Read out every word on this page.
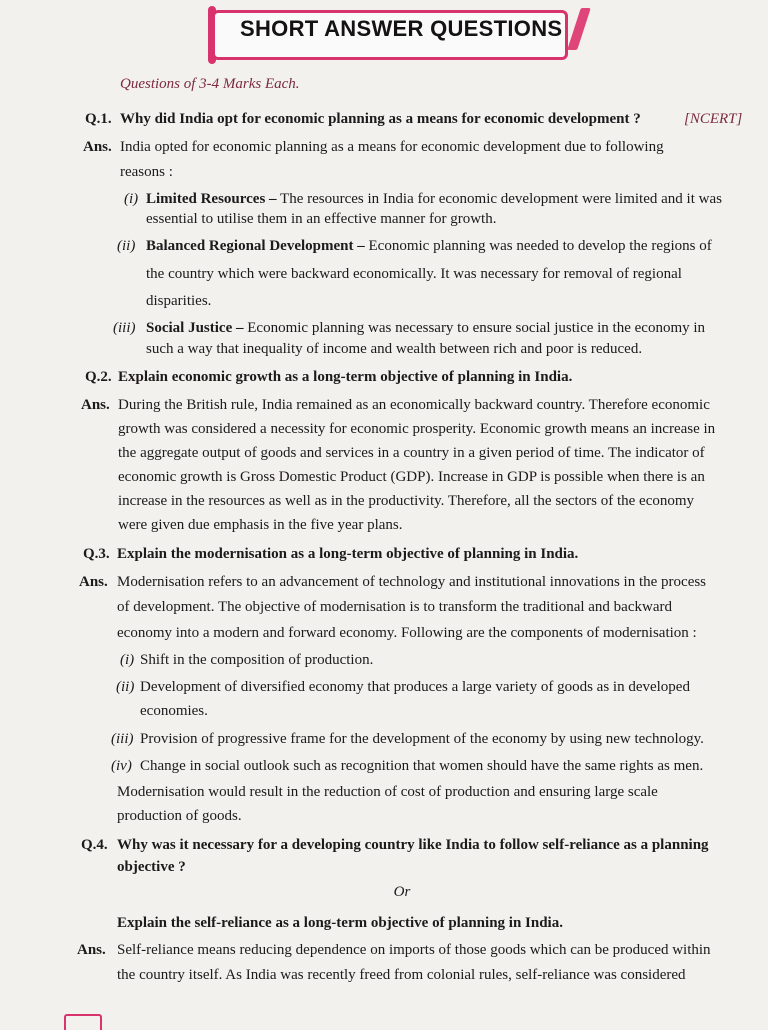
SHORT ANSWER QUESTIONS
Questions of 3-4 Marks Each.
Q.1. Why did India opt for economic planning as a means for economic development ?	[NCERT]
Ans. India opted for economic planning as a means for economic development due to following
reasons :
(i) Limited Resources – The resources in India for economic development were limited and it was
essential to utilise them in an effective manner for growth.
(ii) Balanced Regional Development – Economic planning was needed to develop the regions of
the country which were backward economically. It was necessary for removal of regional
disparities.
(iii) Social Justice – Economic planning was necessary to ensure social justice in the economy in
such a way that inequality of income and wealth between rich and poor is reduced.
Q.2. Explain economic growth as a long-term objective of planning in India.
Ans. During the British rule, India remained as an economically backward country. Therefore economic
growth was considered a necessity for economic prosperity. Economic growth means an increase in
the aggregate output of goods and services in a country in a given period of time. The indicator of
economic growth is Gross Domestic Product (GDP). Increase in GDP is possible when there is an
increase in the resources as well as in the productivity. Therefore, all the sectors of the economy
were given due emphasis in the five year plans.
Q.3. Explain the modernisation as a long-term objective of planning in India.
Ans. Modernisation refers to an advancement of technology and institutional innovations in the process
of development. The objective of modernisation is to transform the traditional and backward
economy into a modern and forward economy. Following are the components of modernisation :
(i) Shift in the composition of production.
(ii) Development of diversified economy that produces a large variety of goods as in developed
economies.
(iii) Provision of progressive frame for the development of the economy by using new technology.
(iv) Change in social outlook such as recognition that women should have the same rights as men.
Modernisation would result in the reduction of cost of production and ensuring large scale
production of goods.
Q.4. Why was it necessary for a developing country like India to follow self-reliance as a planning
objective ?
Or
Explain the self-reliance as a long-term objective of planning in India.
Ans. Self-reliance means reducing dependence on imports of those goods which can be produced within
the country itself. As India was recently freed from colonial rules, self-reliance was considered
